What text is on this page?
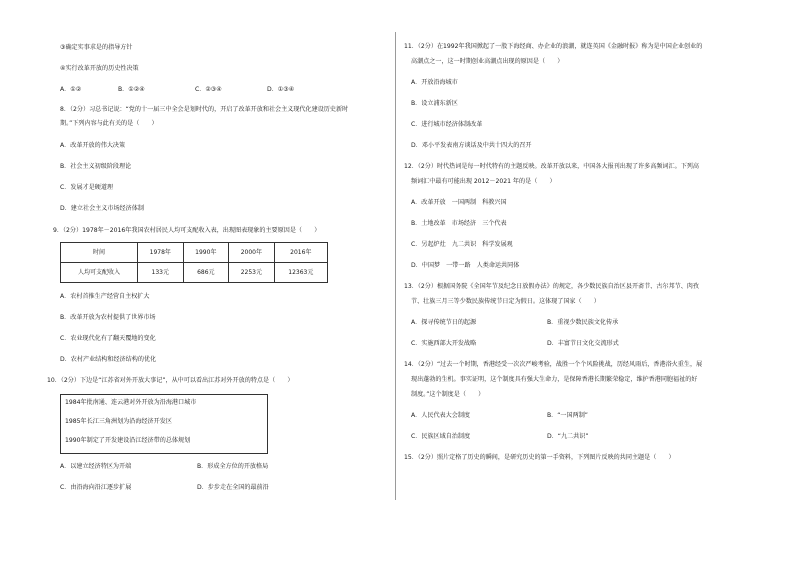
③确定实事求是的指导方针
④实行改革开放的历史性决策
A．①②	B．①②④	C．②③④	D．①③④
8．（2分）习总书记说：“党的十一届三中全会是划时代的，开启了改革开放和社会主义现代化建设历史新时
期。”下列内容与此有关的是（　　）
A．改革开放的伟大决策
B．社会主义初级阶段理论
C．发展才是硬道理
D．建立社会主义市场经济体制
9．（2分）1978年－2016年我国农村居民人均可支配收入表，出现图表现象的主要原因是（　　）
时间	1978年	1990年	2000年	2016年
人均可支配收入	133元	686元	2253元	12363元
A．农村首推生产经营自主权扩大
B．改革开放为农村提供了世界市场
C．农业现代化有了翻天覆地的变化
D．农村产业结构和经济结构的优化
10．（2分）下边是“江苏省对外开放大事记”，从中可以看出江苏对外开放的特点是（　　）
1984年批南通、连云港对外开放为沿海港口城市
1985年长江三角洲划为沿海经济开发区
1990年制定了开发建设沿江经济带的总体规划
A．以建立经济特区为开端	B．形成全方位的开放格局
C．由沿海向沿江逐步扩展	D．步步走在全国的最前沿
11．（2分）在1992年我国掀起了一股下海经商、办企业的浪潮，就连英国《金融时报》称为是中国企业创业的
高潮点之一，这一时期创业高潮点出现的原因是（　　）
A．开放沿海城市
B．设立浦东新区
C．进行城市经济体制改革
D．邓小平发表南方谈话及中共十四大的召开
12．（2分）时代热词是每一时代特有的主题反映。改革开放以来，中国各大报刊出现了许多高频词汇。下列高
频词汇中最有可能出现 2012－2021 年的是（　　）
A．改革开放　一国两制　科教兴国
B．土地改革　市场经济　三个代表
C．另起炉灶　九二共识　科学发展观
D．中国梦　一带一路　人类命运共同体
13．（2分）根据国务院《全国年节及纪念日放假办法》的规定，各少数民族自治区县开斋节、古尔邦节、肉孜
节、壮族三月三等少数民族传统节日定为假日。这体现了国家（　　）
A．探寻传统节日的起源	B．重视少数民族文化传承
C．实施西部大开发战略	D．丰富节日文化交流形式
14．（2分）“过去一个时期，香港经受一次次严峻考验，战胜一个个风险挑战，历经风雨后，香港浴火重生，展
现出蓬勃的生机。事实证明，这个制度具有强大生命力，是保障香港长期繁荣稳定，维护香港同胞福祉的好
制度。”这个制度是（　　）
A．人民代表大会制度	B．“一国两制”
C．民族区域自治制度	D．“九二共识”
15．（2分）照片定格了历史的瞬间，是研究历史的第一手资料，下列图片反映的共同主题是（　　）
